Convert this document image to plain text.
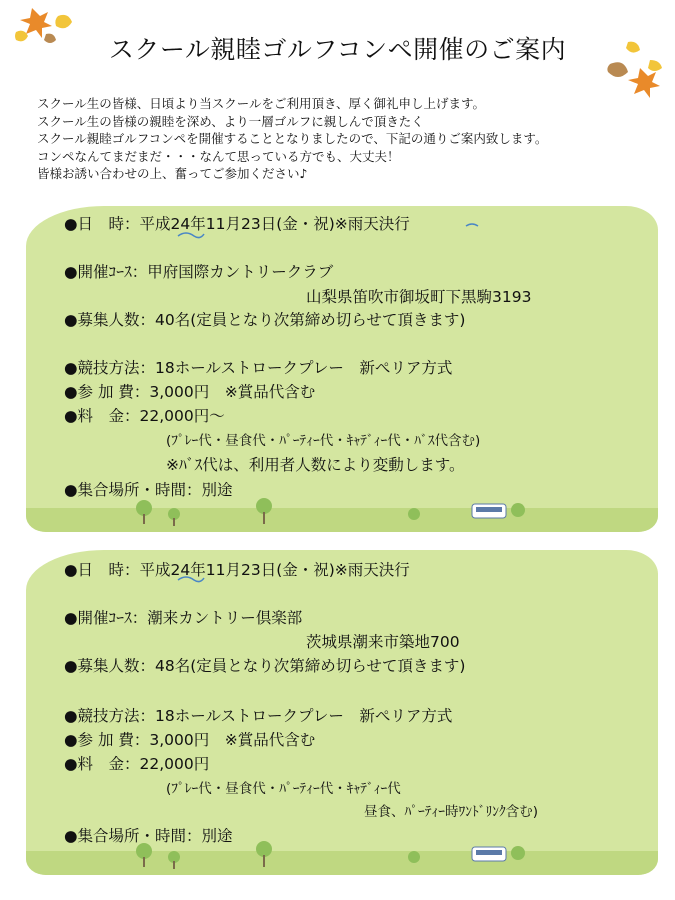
スクール親睦ゴルフコンペ開催のご案内

スクール生の皆様、日頃より当スクールをご利用頂き、厚く御礼申し上げます。

スクール生の皆様の親睦を深め、より一層ゴルフに親しんで頂きたく

スクール親睦ゴルフコンペを開催することとなりましたので、下記の通りご案内致します。

コンペなんてまだまだ・・・なんて思っている方でも、大丈夫！

皆様お誘い合わせの上、奮ってご参加ください♪

●日　時：平成24年11月23日(金・祝)※雨天決行
●開催ｺｰｽ：甲府国際カントリークラブ
山梨県笛吹市御坂町下黒駒3193
●募集人数：40名(定員となり次第締め切らせて頂きます)
●競技方法：18ホールストロークプレー　新ぺリア方式
●参 加 費：3,000円　※賞品代含む
●料　金：22,000円～
(ﾌﾟﾚｰ代・昼食代・ﾊﾟｰﾃｨｰ代・ｷｬﾃﾞｨｰ代・ﾊﾞｽ代含む)
※ﾊﾞｽ代は、利用者人数により変動します。
●集合場所・時間：別途
●日　時：平成24年11月23日(金・祝)※雨天決行
●開催ｺｰｽ：潮来カントリー倶楽部
茨城県潮来市築地700
●募集人数：48名(定員となり次第締め切らせて頂きます)
●競技方法：18ホールストロークプレー　新ぺリア方式
●参 加 費：3,000円　※賞品代含む
●料　金：22,000円
(ﾌﾟﾚｰ代・昼食代・ﾊﾟｰﾃｨｰ代・ｷｬﾃﾞｨｰ代
昼食、ﾊﾟｰﾃｨｰ時ﾜﾝﾄﾞﾘﾝｸ含む)
●集合場所・時間：別途
